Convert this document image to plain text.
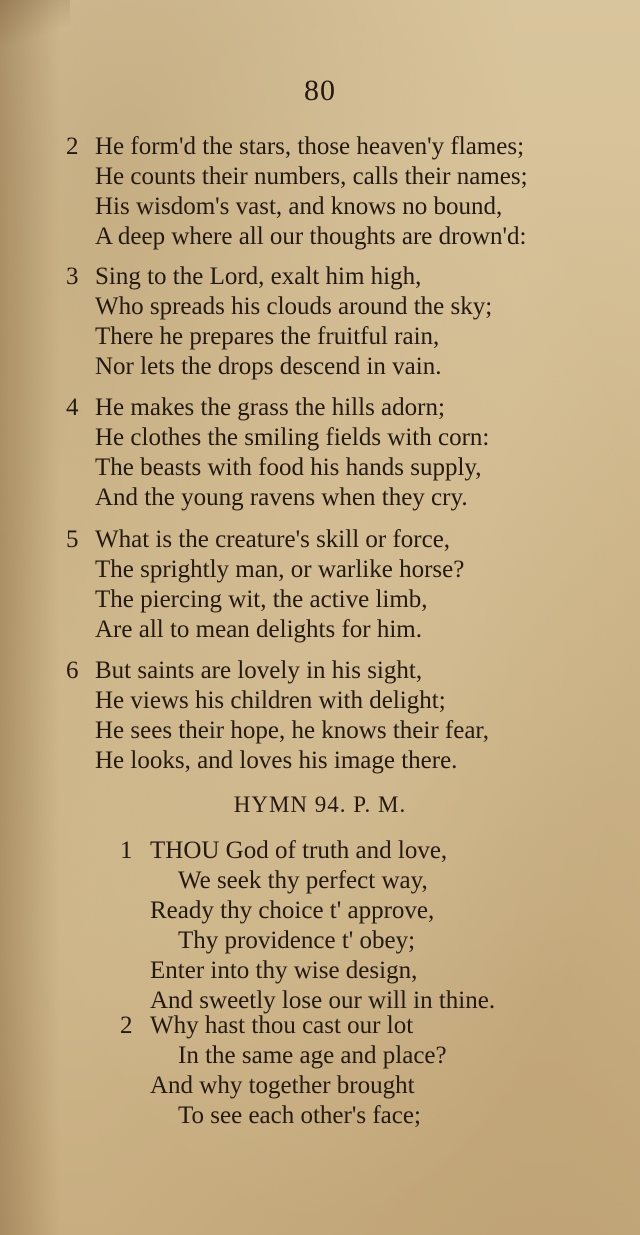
80
2 He form'd the stars, those heaven'y flames;
He counts their numbers, calls their names;
His wisdom's vast, and knows no bound,
A deep where all our thoughts are drown'd:
3 Sing to the Lord, exalt him high,
Who spreads his clouds around the sky;
There he prepares the fruitful rain,
Nor lets the drops descend in vain.
4 He makes the grass the hills adorn;
He clothes the smiling fields with corn:
The beasts with food his hands supply,
And the young ravens when they cry.
5 What is the creature's skill or force,
The sprightly man, or warlike horse?
The piercing wit, the active limb,
Are all to mean delights for him.
6 But saints are lovely in his sight,
He views his children with delight;
He sees their hope, he knows their fear,
He looks, and loves his image there.
HYMN 94. P. M.
1 THOU God of truth and love,
We seek thy perfect way,
Ready thy choice t' approve,
Thy providence t' obey;
Enter into thy wise design,
And sweetly lose our will in thine.
2 Why hast thou cast our lot
In the same age and place?
And why together brought
To see each other's face;
